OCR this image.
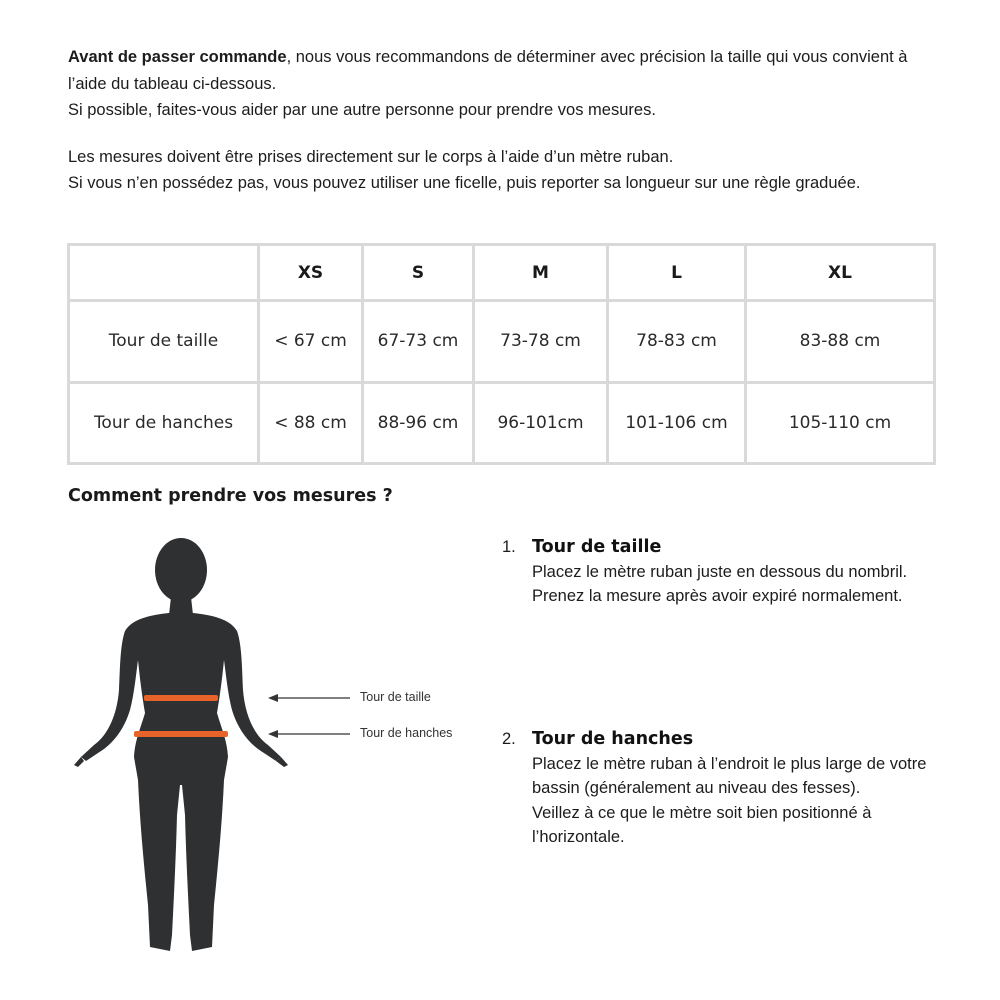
Avant de passer commande, nous vous recommandons de déterminer avec précision la taille qui vous convient à l’aide du tableau ci-dessous.
Si possible, faites-vous aider par une autre personne pour prendre vos mesures.

Les mesures doivent être prises directement sur le corps à l’aide d’un mètre ruban.
Si vous n’en possédez pas, vous pouvez utiliser une ficelle, puis reporter sa longueur sur une règle graduée.

	XS	S	M	L	XL
Tour de taille	< 67 cm	67-73 cm	73-78 cm	78-83 cm	83-88 cm
Tour de hanches	< 88 cm	88-96 cm	96-101cm	101-106 cm	105-110 cm
Comment prendre vos mesures ?
Tour de taille
Tour de hanches
1. Tour de taille

Placez le mètre ruban juste en dessous du nombril.

Prenez la mesure après avoir expiré normalement.

2. Tour de hanches

Placez le mètre ruban à l’endroit le plus large de votre bassin (généralement au niveau des fesses).

Veillez à ce que le mètre soit bien positionné à l’horizontale.
